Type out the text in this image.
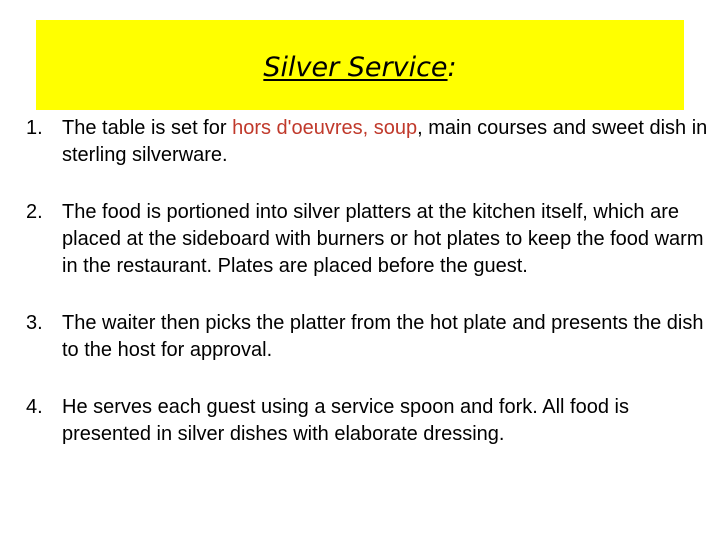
Silver Service:
1. The table is set for hors d'oeuvres, soup, main courses and sweet dish in sterling silverware.
2. The food is portioned into silver platters at the kitchen itself, which are placed at the sideboard with burners or hot plates to keep the food warm in the restaurant. Plates are placed before the guest.
3. The waiter then picks the platter from the hot plate and presents the dish to the host for approval.
4. He serves each guest using a service spoon and fork. All food is presented in silver dishes with elaborate dressing.
